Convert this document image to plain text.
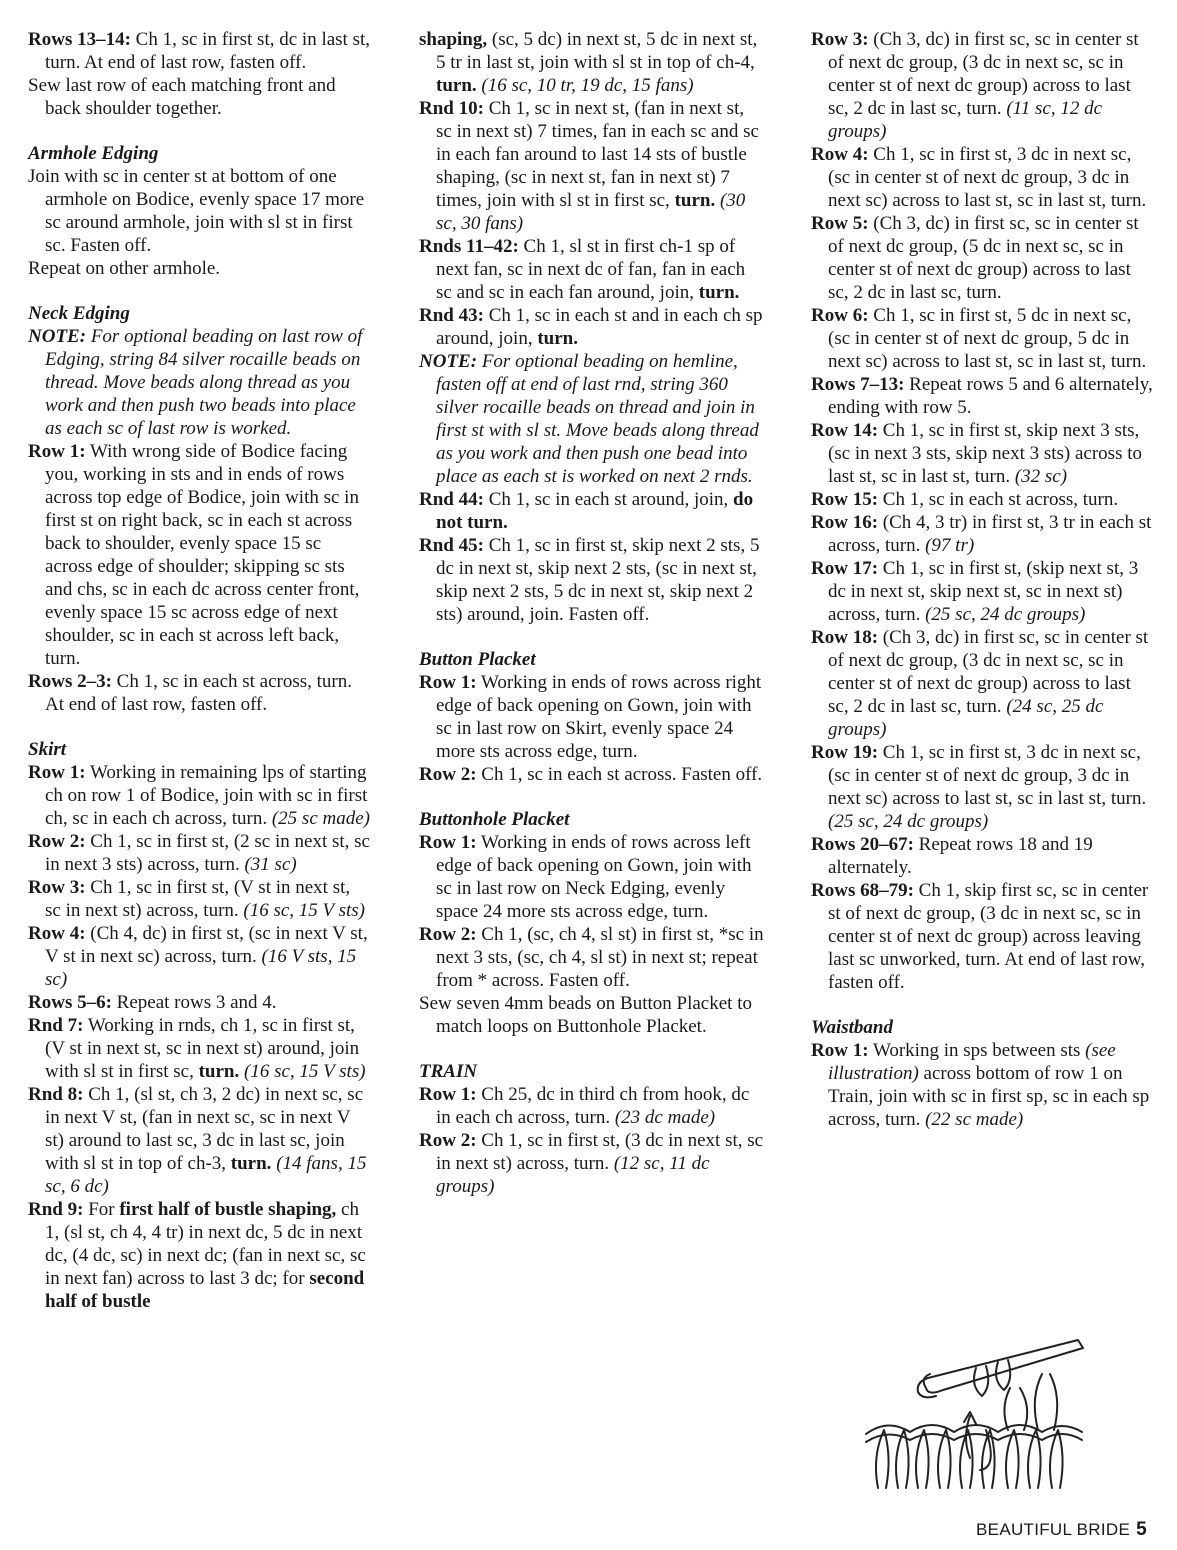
Rows 13–14: Ch 1, sc in first st, dc in last st, turn. At end of last row, fasten off.
Sew last row of each matching front and back shoulder together.
Armhole Edging
Join with sc in center st at bottom of one armhole on Bodice, evenly space 17 more sc around armhole, join with sl st in first sc. Fasten off.
Repeat on other armhole.
Neck Edging
NOTE: For optional beading on last row of Edging, string 84 silver rocaille beads on thread. Move beads along thread as you work and then push two beads into place as each sc of last row is worked.
Row 1: With wrong side of Bodice facing you, working in sts and in ends of rows across top edge of Bodice, join with sc in first st on right back, sc in each st across back to shoulder, evenly space 15 sc across edge of shoulder; skipping sc sts and chs, sc in each dc across center front, evenly space 15 sc across edge of next shoulder, sc in each st across left back, turn.
Rows 2–3: Ch 1, sc in each st across, turn. At end of last row, fasten off.
Skirt
Row 1: Working in remaining lps of starting ch on row 1 of Bodice, join with sc in first ch, sc in each ch across, turn. (25 sc made)
Row 2: Ch 1, sc in first st, (2 sc in next st, sc in next 3 sts) across, turn. (31 sc)
Row 3: Ch 1, sc in first st, (V st in next st, sc in next st) across, turn. (16 sc, 15 V sts)
Row 4: (Ch 4, dc) in first st, (sc in next V st, V st in next sc) across, turn. (16 V sts, 15 sc)
Rows 5–6: Repeat rows 3 and 4.
Rnd 7: Working in rnds, ch 1, sc in first st, (V st in next st, sc in next st) around, join with sl st in first sc, turn. (16 sc, 15 V sts)
Rnd 8: Ch 1, (sl st, ch 3, 2 dc) in next sc, sc in next V st, (fan in next sc, sc in next V st) around to last sc, 3 dc in last sc, join with sl st in top of ch-3, turn. (14 fans, 15 sc, 6 dc)
Rnd 9: For first half of bustle shaping, ch 1, (sl st, ch 4, 4 tr) in next dc, 5 dc in next dc, (4 dc, sc) in next dc; (fan in next sc, sc in next fan) across to last 3 dc; for second half of bustle
shaping, (sc, 5 dc) in next st, 5 dc in next st, 5 tr in last st, join with sl st in top of ch-4, turn. (16 sc, 10 tr, 19 dc, 15 fans)
Rnd 10: Ch 1, sc in next st, (fan in next st, sc in next st) 7 times, fan in each sc and sc in each fan around to last 14 sts of bustle shaping, (sc in next st, fan in next st) 7 times, join with sl st in first sc, turn. (30 sc, 30 fans)
Rnds 11–42: Ch 1, sl st in first ch-1 sp of next fan, sc in next dc of fan, fan in each sc and sc in each fan around, join, turn.
Rnd 43: Ch 1, sc in each st and in each ch sp around, join, turn.
NOTE: For optional beading on hemline, fasten off at end of last rnd, string 360 silver rocaille beads on thread and join in first st with sl st. Move beads along thread as you work and then push one bead into place as each st is worked on next 2 rnds.
Rnd 44: Ch 1, sc in each st around, join, do not turn.
Rnd 45: Ch 1, sc in first st, skip next 2 sts, 5 dc in next st, skip next 2 sts, (sc in next st, skip next 2 sts, 5 dc in next st, skip next 2 sts) around, join. Fasten off.
Button Placket
Row 1: Working in ends of rows across right edge of back opening on Gown, join with sc in last row on Skirt, evenly space 24 more sts across edge, turn.
Row 2: Ch 1, sc in each st across. Fasten off.
Buttonhole Placket
Row 1: Working in ends of rows across left edge of back opening on Gown, join with sc in last row on Neck Edging, evenly space 24 more sts across edge, turn.
Row 2: Ch 1, (sc, ch 4, sl st) in first st, *sc in next 3 sts, (sc, ch 4, sl st) in next st; repeat from * across. Fasten off.
Sew seven 4mm beads on Button Placket to match loops on Buttonhole Placket.
TRAIN
Row 1: Ch 25, dc in third ch from hook, dc in each ch across, turn. (23 dc made)
Row 2: Ch 1, sc in first st, (3 dc in next st, sc in next st) across, turn. (12 sc, 11 dc groups)
Row 3: (Ch 3, dc) in first sc, sc in center st of next dc group, (3 dc in next sc, sc in center st of next dc group) across to last sc, 2 dc in last sc, turn. (11 sc, 12 dc groups)
Row 4: Ch 1, sc in first st, 3 dc in next sc, (sc in center st of next dc group, 3 dc in next sc) across to last st, sc in last st, turn.
Row 5: (Ch 3, dc) in first sc, sc in center st of next dc group, (5 dc in next sc, sc in center st of next dc group) across to last sc, 2 dc in last sc, turn.
Row 6: Ch 1, sc in first st, 5 dc in next sc, (sc in center st of next dc group, 5 dc in next sc) across to last st, sc in last st, turn.
Rows 7–13: Repeat rows 5 and 6 alternately, ending with row 5.
Row 14: Ch 1, sc in first st, skip next 3 sts, (sc in next 3 sts, skip next 3 sts) across to last st, sc in last st, turn. (32 sc)
Row 15: Ch 1, sc in each st across, turn.
Row 16: (Ch 4, 3 tr) in first st, 3 tr in each st across, turn. (97 tr)
Row 17: Ch 1, sc in first st, (skip next st, 3 dc in next st, skip next st, sc in next st) across, turn. (25 sc, 24 dc groups)
Row 18: (Ch 3, dc) in first sc, sc in center st of next dc group, (3 dc in next sc, sc in center st of next dc group) across to last sc, 2 dc in last sc, turn. (24 sc, 25 dc groups)
Row 19: Ch 1, sc in first st, 3 dc in next sc, (sc in center st of next dc group, 3 dc in next sc) across to last st, sc in last st, turn. (25 sc, 24 dc groups)
Rows 20–67: Repeat rows 18 and 19 alternately.
Rows 68–79: Ch 1, skip first sc, sc in center st of next dc group, (3 dc in next sc, sc in center st of next dc group) across leaving last sc unworked, turn. At end of last row, fasten off.
Waistband
Row 1: Working in sps between sts (see illustration) across bottom of row 1 on Train, join with sc in first sp, sc in each sp across, turn. (22 sc made)
BEAUTIFUL BRIDE 5
